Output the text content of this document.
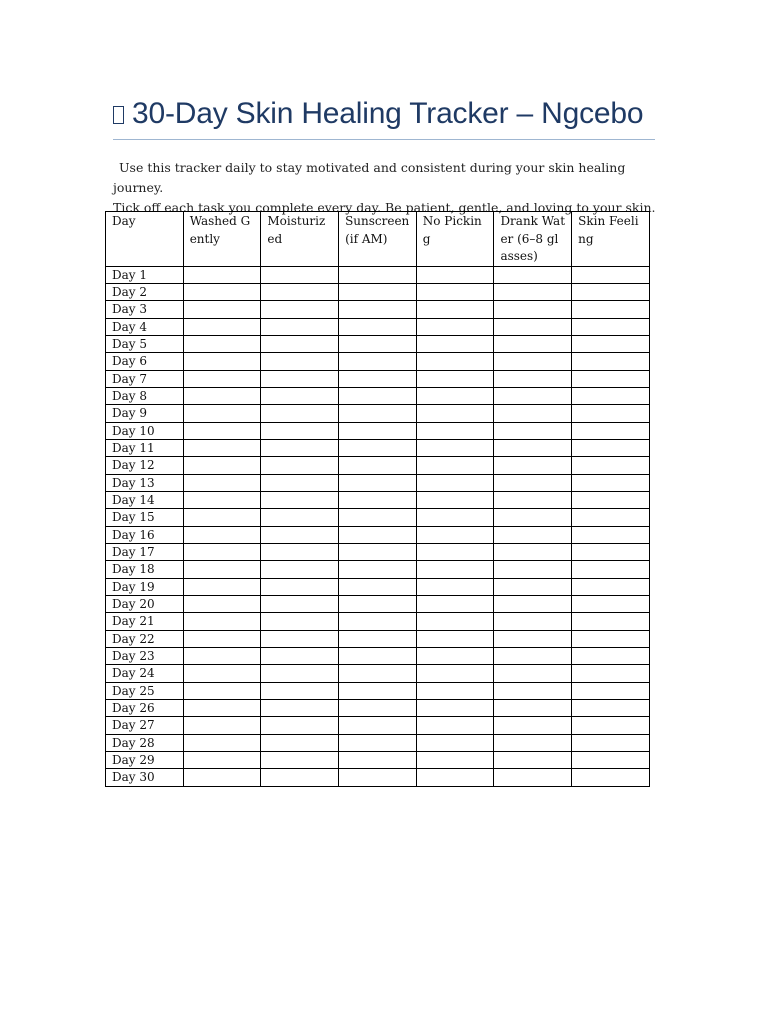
30-Day Skin Healing Tracker – Ngcebo

Use this tracker daily to stay motivated and consistent during your skin healing journey.

Tick off each task you complete every day. Be patient, gentle, and loving to your skin.

Day	Washed Gently	Moisturized	Sunscreen (if AM)	No Picking	Drank Water (6–8 glasses)	Skin Feeling
Day 1						
Day 2						
Day 3						
Day 4						
Day 5						
Day 6						
Day 7						
Day 8						
Day 9						
Day 10						
Day 11						
Day 12						
Day 13						
Day 14						
Day 15						
Day 16						
Day 17						
Day 18						
Day 19						
Day 20						
Day 21						
Day 22						
Day 23						
Day 24						
Day 25						
Day 26						
Day 27						
Day 28						
Day 29						
Day 30						
